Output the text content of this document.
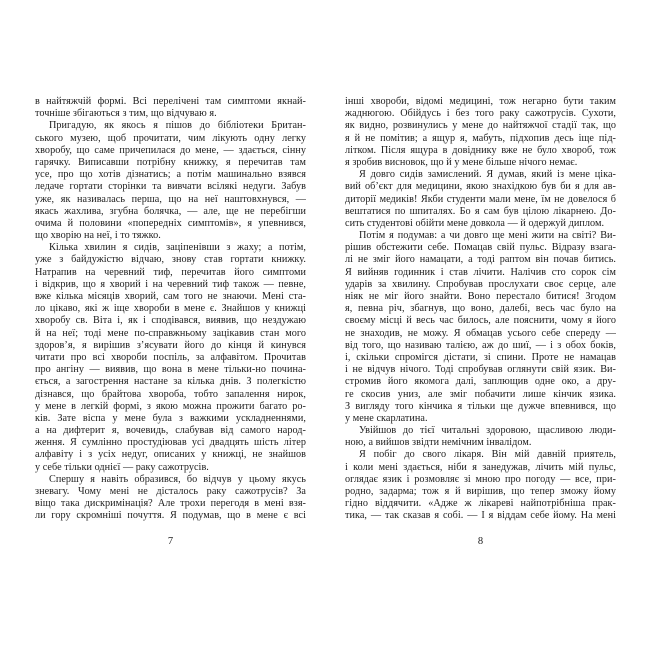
в найтяжчій формі. Всі перелічені там симптоми якнай-
точніше збігаються з тим, що відчуваю я.
Пригадую, як якось я пішов до бібліотеки Британ-
ського музею, щоб прочитати, чим лікують одну легку
хворобу, що саме причепилася до мене, — здається, сінну
гарячку. Виписавши потрібну книжку, я перечитав там
усе, про що хотів дізнатись; а потім машинально взявся
ледаче гортати сторінки та вивчати всілякі недуги. Забув
уже, як називалась перша, що на неї наштовхнувся, —
якась жахлива, згубна болячка, — але, ще не перебігши
очима й половини «попередніх симптомів», я упевнився,
що хворію на неї, і то тяжко.
Кілька хвилин я сидів, заціпенівши з жаху; а потім,
уже з байдужістю відчаю, знову став гортати книжку.
Натрапив на черевний тиф, перечитав його симптоми
і відкрив, що я хворий і на черевний тиф також — певне,
вже кілька місяців хворий, сам того не знаючи. Мені ста-
ло цікаво, які ж іще хвороби в мене є. Знайшов у книжці
хворобу св. Віта і, як і сподівався, виявив, що нездужаю
й на неї; тоді мене по-справжньому зацікавив стан мого
здоров’я, я вирішив з’ясувати його до кінця й кинувся
читати про всі хвороби поспіль, за алфавітом. Прочитав
про ангіну — виявив, що вона в мене тільки-но почина-
ється, а загострення настане за кілька днів. З полегкістю
дізнався, що брайтова хвороба, тобто запалення нирок,
у мене в легкій формі, з якою можна прожити багато ро-
ків. Зате віспа у мене була з важкими ускладненнями,
а на дифтерит я, вочевидь, слабував від самого народ-
ження. Я сумлінно простудіював усі двадцять шість літер
алфавіту і з усіх недуг, описаних у книжці, не знайшов
у себе тільки однієї — раку сажотрусів.
Спершу я навіть образився, бо відчув у цьому якусь
зневагу. Чому мені не дісталось раку сажотрусів? За
віщо така дискримінація? Але трохи перегодя в мені взя-
ли гору скромніші почуття. Я подумав, що в мене є всі
інші хвороби, відомі медицині, тож негарно бути таким
жаднюгою. Обійдусь і без того раку сажотрусів. Сухоти,
як видно, розвинулись у мене до найтяжчої стадії так, що
я й не помітив; а ящур я, мабуть, підхопив десь іще під-
літком. Після ящура в довіднику вже не було хвороб, тож
я зробив висновок, що й у мене більше нічого немає.
Я довго сидів замислений. Я думав, який із мене ціка-
вий об’єкт для медицини, якою знахідкою був би я для ав-
диторії медиків! Якби студенти мали мене, їм не довелося б
вештатися по шпиталях. Бо я сам був цілою лікарнею. До-
сить студентові обійти мене довкола — й одержуй диплом.
Потім я подумав: а чи довго ще мені жити на світі? Ви-
рішив обстежити себе. Помацав свій пульс. Відразу взага-
лі не зміг його намацати, а тоді раптом він почав битись.
Я вийняв годинник і став лічити. Налічив сто сорок сім
ударів за хвилину. Спробував прослухати своє серце, але
ніяк не міг його знайти. Воно перестало битися! Згодом
я, певна річ, збагнув, що воно, далебі, весь час було на
своєму місці й весь час билось, але пояснити, чому я його
не знаходив, не можу. Я обмацав усього себе спереду —
від того, що називаю талією, аж до шиї, — і з обох боків,
і, скільки спромігся дістати, зі спини. Проте не намацав
і не відчув нічого. Тоді спробував оглянути свій язик. Ви-
стромив його якомога далі, заплющив одне око, а дру-
ге скосив униз, але зміг побачити лише кінчик язика.
З вигляду того кінчика я тільки ще дужче впевнився, що
у мене скарлатина.
Увійшов до тієї читальні здоровою, щасливою люди-
ною, а вийшов звідти немічним інвалідом.
Я побіг до свого лікаря. Він мій давній приятель,
і коли мені здається, ніби я занедужав, лічить мій пульс,
оглядає язик і розмовляє зі мною про погоду — все, при-
родно, задарма; тож я й вирішив, що тепер зможу йому
гідно віддячити. «Адже ж лікареві найпотрібніша прак-
тика, — так сказав я собі. — І я віддам себе йому. На мені
7	8
